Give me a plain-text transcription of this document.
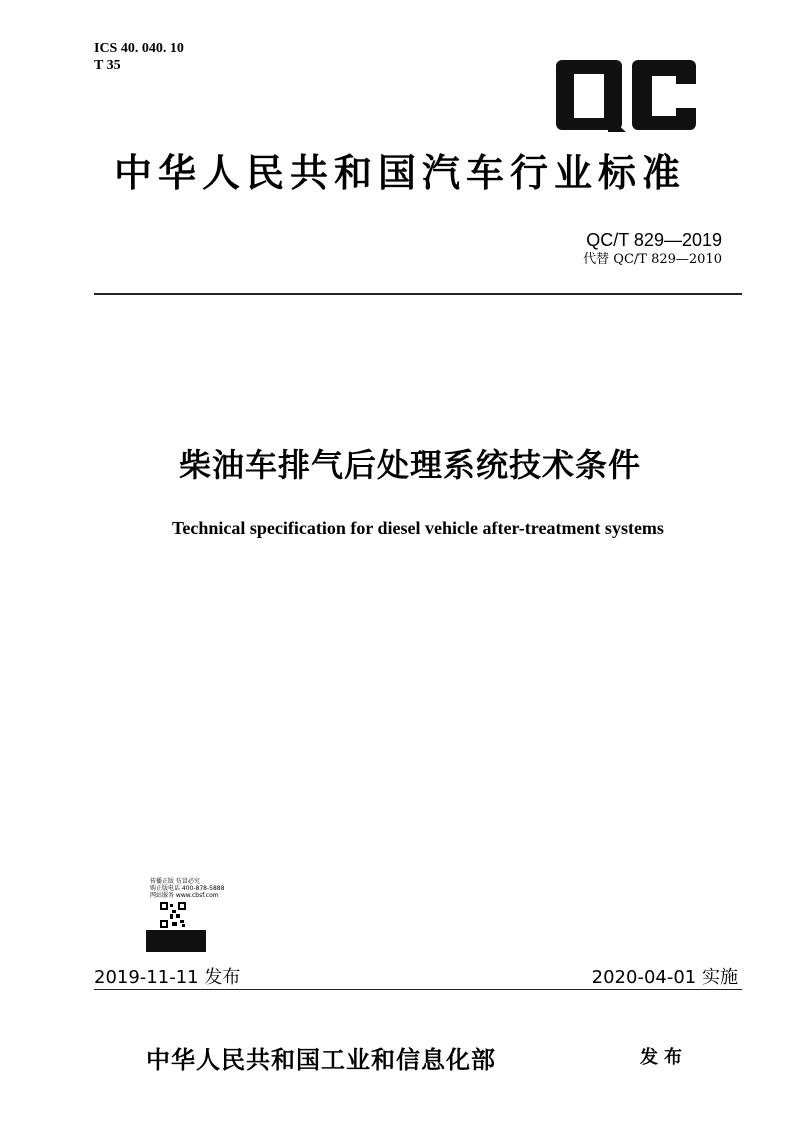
ICS 40. 040. 10
T 35
中华人民共和国汽车行业标准
QC/T 829—2019
代替 QC/T 829—2010
柴油车排气后处理系统技术条件
Technical specification for diesel vehicle after-treatment systems
传播正版 仿冒必究
购正版电话 400-878-5888
网站服务 www.cbsf.com
2019-11-11 发布	2020-04-01 实施
中华人民共和国工业和信息化部	发布
